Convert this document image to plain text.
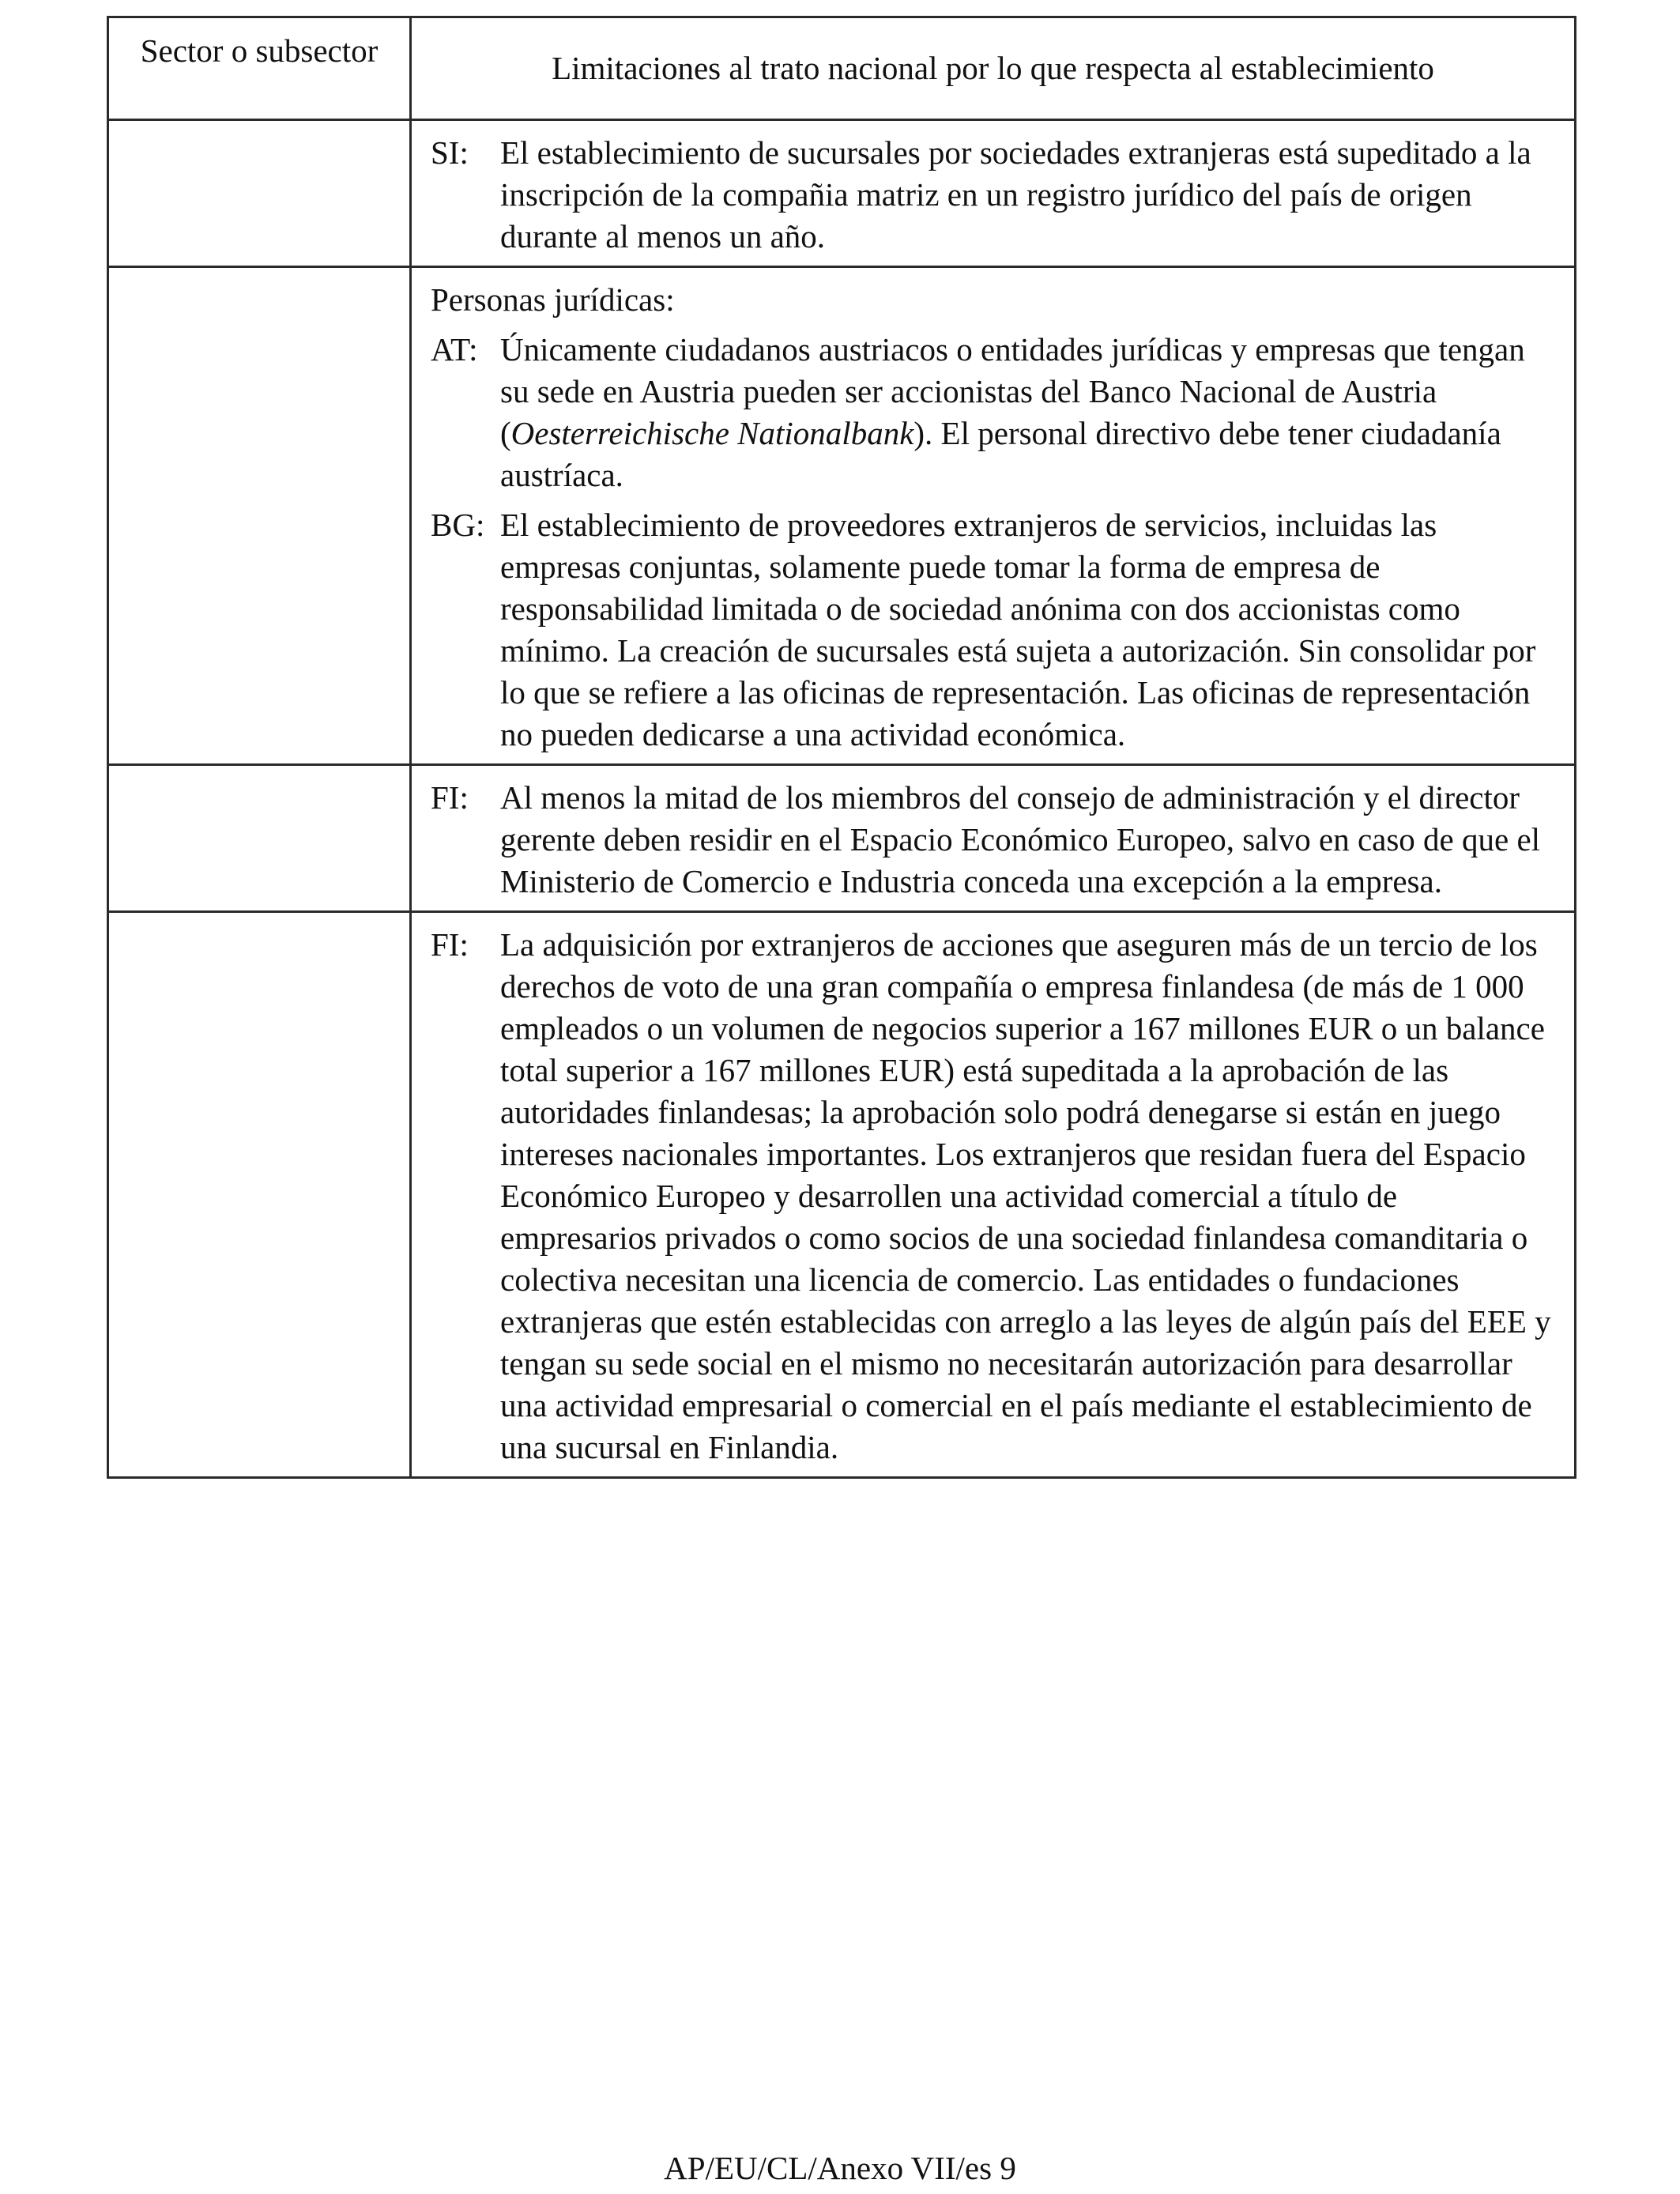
Sector o subsector	Limitaciones al trato nacional por lo que respecta al establecimiento

	SI: El establecimiento de sucursales por sociedades extranjeras está supeditado a la inscripción de la compañia matriz en un registro jurídico del país de origen durante al menos un año.

	Personas jurídicas:
AT: Únicamente ciudadanos austriacos o entidades jurídicas y empresas que tengan su sede en Austria pueden ser accionistas del Banco Nacional de Austria (Oesterreichische Nationalbank). El personal directivo debe tener ciudadanía austríaca.
BG: El establecimiento de proveedores extranjeros de servicios, incluidas las empresas conjuntas, solamente puede tomar la forma de empresa de responsabilidad limitada o de sociedad anónima con dos accionistas como mínimo. La creación de sucursales está sujeta a autorización. Sin consolidar por lo que se refiere a las oficinas de representación. Las oficinas de representación no pueden dedicarse a una actividad económica.

	FI: Al menos la mitad de los miembros del consejo de administración y el director gerente deben residir en el Espacio Económico Europeo, salvo en caso de que el Ministerio de Comercio e Industria conceda una excepción a la empresa.

	FI: La adquisición por extranjeros de acciones que aseguren más de un tercio de los derechos de voto de una gran compañía o empresa finlandesa (de más de 1 000 empleados o un volumen de negocios superior a 167 millones EUR o un balance total superior a 167 millones EUR) está supeditada a la aprobación de las autoridades finlandesas; la aprobación solo podrá denegarse si están en juego intereses nacionales importantes. Los extranjeros que residan fuera del Espacio Económico Europeo y desarrollen una actividad comercial a título de empresarios privados o como socios de una sociedad finlandesa comanditaria o colectiva necesitan una licencia de comercio. Las entidades o fundaciones extranjeras que estén establecidas con arreglo a las leyes de algún país del EEE y tengan su sede social en el mismo no necesitarán autorización para desarrollar una actividad empresarial o comercial en el país mediante el establecimiento de una sucursal en Finlandia.
AP/EU/CL/Anexo VII/es 9
